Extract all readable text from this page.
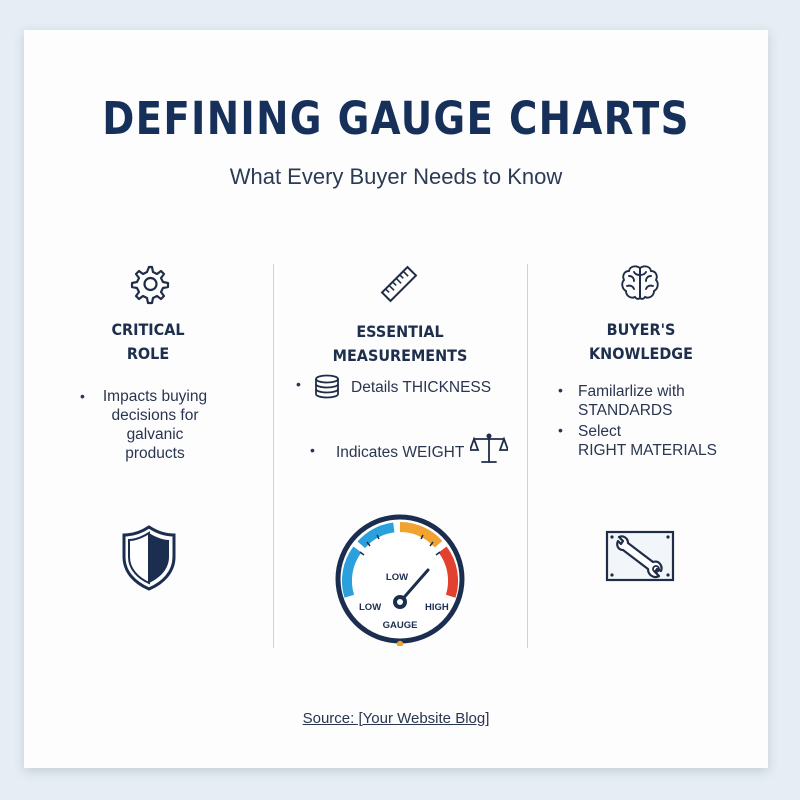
DEFINING GAUGE CHARTS
What Every Buyer Needs to Know
CRITICAL
ROLE
•	Impacts buying
decisions for
galvanic
products
ESSENTIAL MEASUREMENTS
•	Details THICKNESS
• Indicates WEIGHT
LOW
LOW	HIGH
GAUGE
BUYER'S
KNOWLEDGE
• Familarlize with
STANDARDS
• Select
RIGHT MATERIALS
Source: [Your Website Blog]
